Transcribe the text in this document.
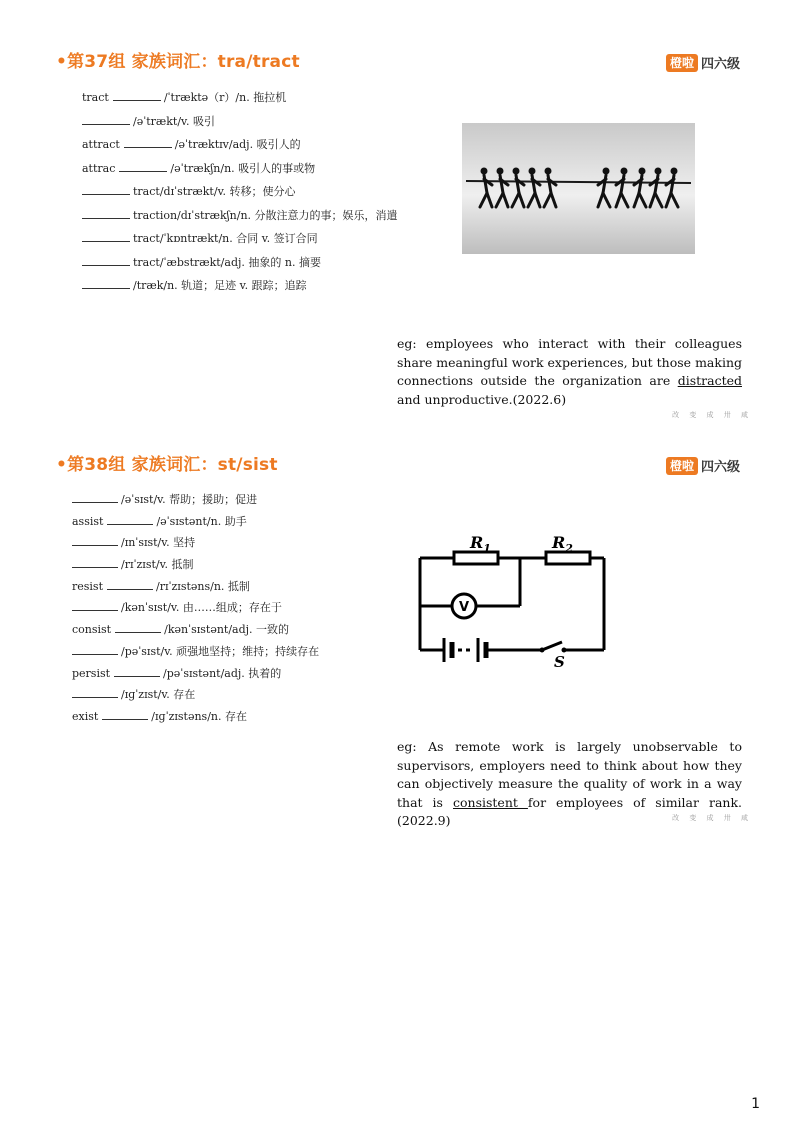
•第37组 家族词汇：tra/tract	橙啦 四六级
tract	/ˈtræktə（r）/n. 拖拉机
/əˈtrækt/v. 吸引
attract	/əˈtræktɪv/adj. 吸引人的
attrac	/əˈtrækʃn/n. 吸引人的事或物
tract/dɪˈstrækt/v. 转移；使分心
traction/dɪˈstrækʃn/n. 分散注意力的事；娱乐，消遣
tract/ˈkɒntrækt/n. 合同 v. 签订合同
tract/ˈæbstrækt/adj. 抽象的 n. 摘要
/træk/n. 轨道；足迹 v. 跟踪；追踪
eg: employees who interact with their colleagues share meaningful work experiences, but those making connections outside the organization are distracted and unproductive.(2022.6)
改 变 成 卅 咸
•第38组 家族词汇：st/sist	橙啦 四六级
/əˈsɪst/v. 帮助；援助；促进
assist	/əˈsɪstənt/n. 助手
/ɪnˈsɪst/v. 坚持
/rɪˈzɪst/v. 抵制
resist	/rɪˈzɪstəns/n. 抵制
/kənˈsɪst/v. 由……组成；存在于
consist	/kənˈsɪstənt/adj. 一致的
/pəˈsɪst/v. 顽强地坚持；维持；持续存在
persist	/pəˈsɪstənt/adj. 执着的
/ɪɡˈzɪst/v. 存在
exist	/ɪɡˈzɪstəns/n. 存在
$R_1$	$R_2$
V
S
eg: As remote work is largely unobservable to supervisors, employers need to think about how they can objectively measure the quality of work in a way that is consistent for employees of similar rank.(2022.9)	改 变 成 卅 咸
1
